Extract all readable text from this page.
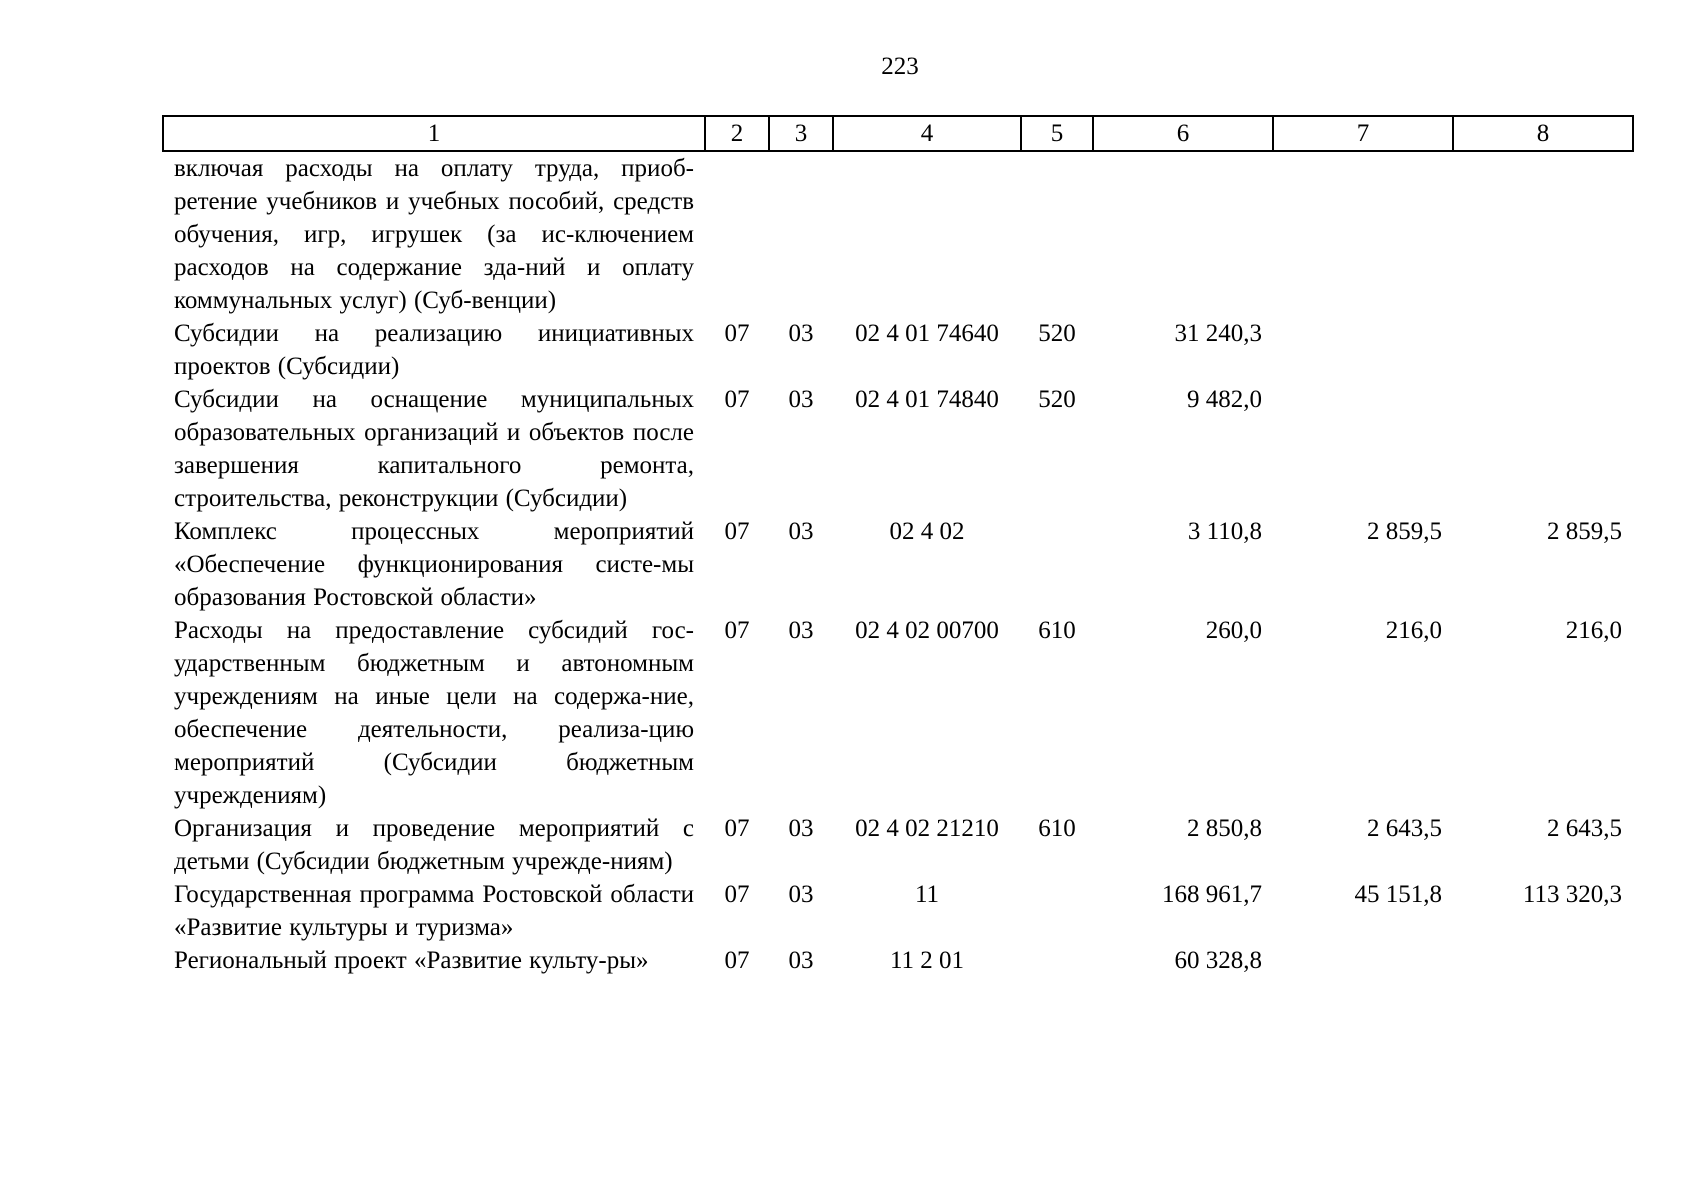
223
1	2	3	4	5	6	7	8
включая расходы на оплату труда, приоб-ретение учебников и учебных пособий, средств обучения, игр, игрушек (за ис-ключением расходов на содержание зда-ний и оплату коммунальных услуг) (Суб-венции)							
Субсидии на реализацию инициативных проектов (Субсидии)	07	03	02 4 01 74640	520	31 240,3		
Субсидии на оснащение муниципальных образовательных организаций и объектов после завершения капитального ремонта, строительства, реконструкции (Субсидии)	07	03	02 4 01 74840	520	9 482,0		
Комплекс процессных мероприятий «Обеспечение функционирования систе-мы образования Ростовской области»	07	03	02 4 02		3 110,8	2 859,5	2 859,5
Расходы на предоставление субсидий гос-ударственным бюджетным и автономным учреждениям на иные цели на содержа-ние, обеспечение деятельности, реализа-цию мероприятий (Субсидии бюджетным учреждениям)	07	03	02 4 02 00700	610	260,0	216,0	216,0
Организация и проведение мероприятий с детьми (Субсидии бюджетным учрежде-ниям)	07	03	02 4 02 21210	610	2 850,8	2 643,5	2 643,5
Государственная программа Ростовской области «Развитие культуры и туризма»	07	03	11		168 961,7	45 151,8	113 320,3
Региональный проект «Развитие культу-ры»	07	03	11 2 01		60 328,8		
